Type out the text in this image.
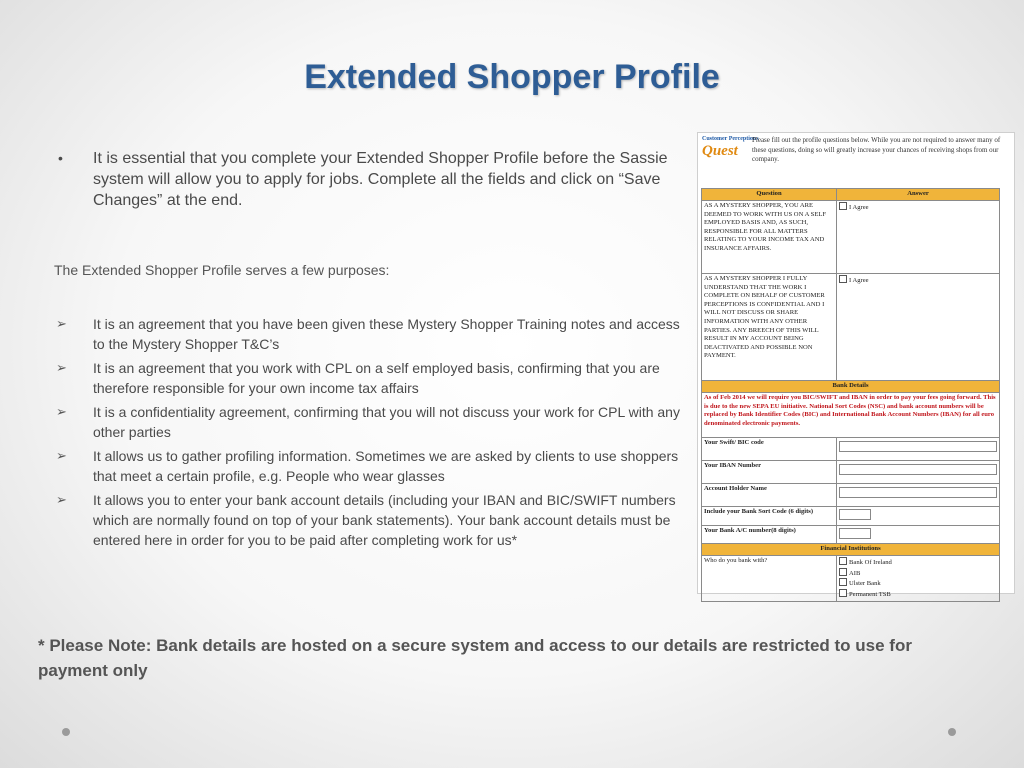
Extended Shopper Profile
•	It is essential that you complete your Extended Shopper Profile before the Sassie system will allow you to apply for jobs. Complete all the fields and click on “Save Changes” at the end.
The Extended Shopper Profile serves a few purposes:
➢ It is an agreement that you have been given these Mystery Shopper Training notes and access to the Mystery Shopper T&C’s
➢ It is an agreement that you work with CPL on a self employed basis, confirming that you are therefore responsible for your own income tax affairs
➢ It is a confidentiality agreement, confirming that you will not discuss your work for CPL with any other parties
➢ It allows us to gather profiling information. Sometimes we are asked by clients to use shoppers that meet a certain profile, e.g. People who wear glasses
➢ It allows you to enter your bank account details (including your IBAN and BIC/SWIFT numbers which are normally found on top of your bank statements). Your bank account details must be entered here in order for you to be paid after completing work for us*
Customer Perceptions
Quest
Please fill out the profile questions below. While you are not required to answer many of these questions, doing so will greatly increase your chances of receiving shops from our company.
Question	Answer
AS A MYSTERY SHOPPER, YOU ARE DEEMED TO WORK WITH US ON A SELF EMPLOYED BASIS AND, AS SUCH, RESPONSIBLE FOR ALL MATTERS RELATING TO YOUR INCOME TAX AND INSURANCE AFFAIRS.	I Agree
AS A MYSTERY SHOPPER I FULLY UNDERSTAND THAT THE WORK I COMPLETE ON BEHALF OF CUSTOMER PERCEPTIONS IS CONFIDENTIAL AND I WILL NOT DISCUSS OR SHARE INFORMATION WITH ANY OTHER PARTIES. ANY BREECH OF THIS WILL RESULT IN MY ACCOUNT BEING DEACTIVATED AND POSSIBLE NON PAYMENT.	I Agree
Bank Details	
As of Feb 2014 we will require you BIC/SWIFT and IBAN in order to pay your fees going forward. This is due to the new SEPA EU initiative. National Sort Codes (NSC) and bank account numbers will be replaced by Bank Identifier Codes (BIC) and International Bank Account Numbers (IBAN) for all euro denominated electronic payments.	
Your Swift/ BIC code	

Your IBAN Number	

Account Holder Name	

Include your Bank Sort Code (6 digits)	
Your Bank A/C number(8 digits)	
Financial Institutions	
Who do you bank with?	Bank Of Ireland
AIB
Ulster Bank
Permanent TSB
* Please Note: Bank details are hosted on a secure system and access to our details are restricted to use for payment only
